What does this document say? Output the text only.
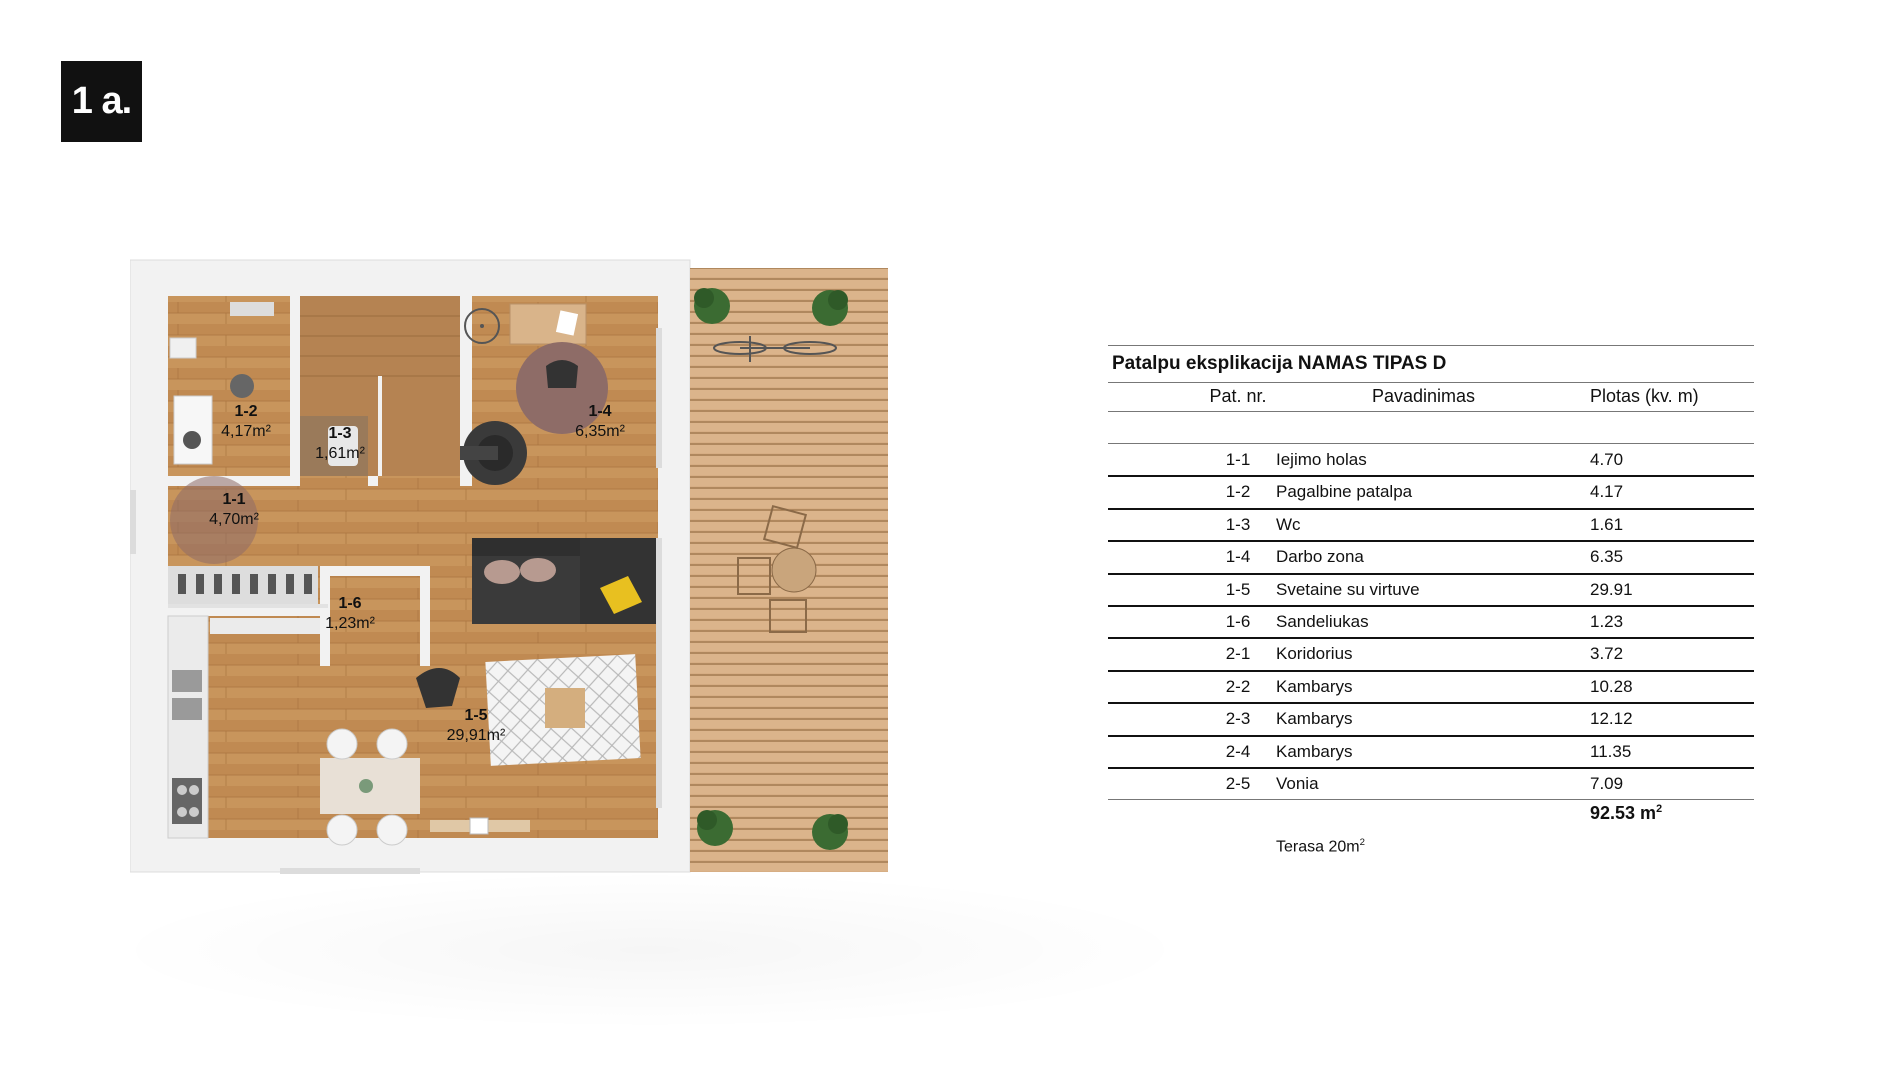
1 a.
1-1
4,70m²
1-2
4,17m²	1-3
1,61m²
1-4
6,35m²
1-5
29,91m²
1-6
1,23m²
Patalpu eksplikacija NAMAS TIPAS D
Pat. nr.	Pavadinimas	Plotas (kv. m)
1-1	Iejimo holas	4.70
1-2	Pagalbine patalpa	4.17
1-3	Wc	1.61
1-4	Darbo zona	6.35
1-5	Svetaine su virtuve	29.91
1-6	Sandeliukas	1.23
2-1	Koridorius	3.72
2-2	Kambarys	10.28
2-3	Kambarys	12.12
2-4	Kambarys	11.35
2-5	Vonia	7.09
92.53 $m^2$
Terasa $20m^2$
